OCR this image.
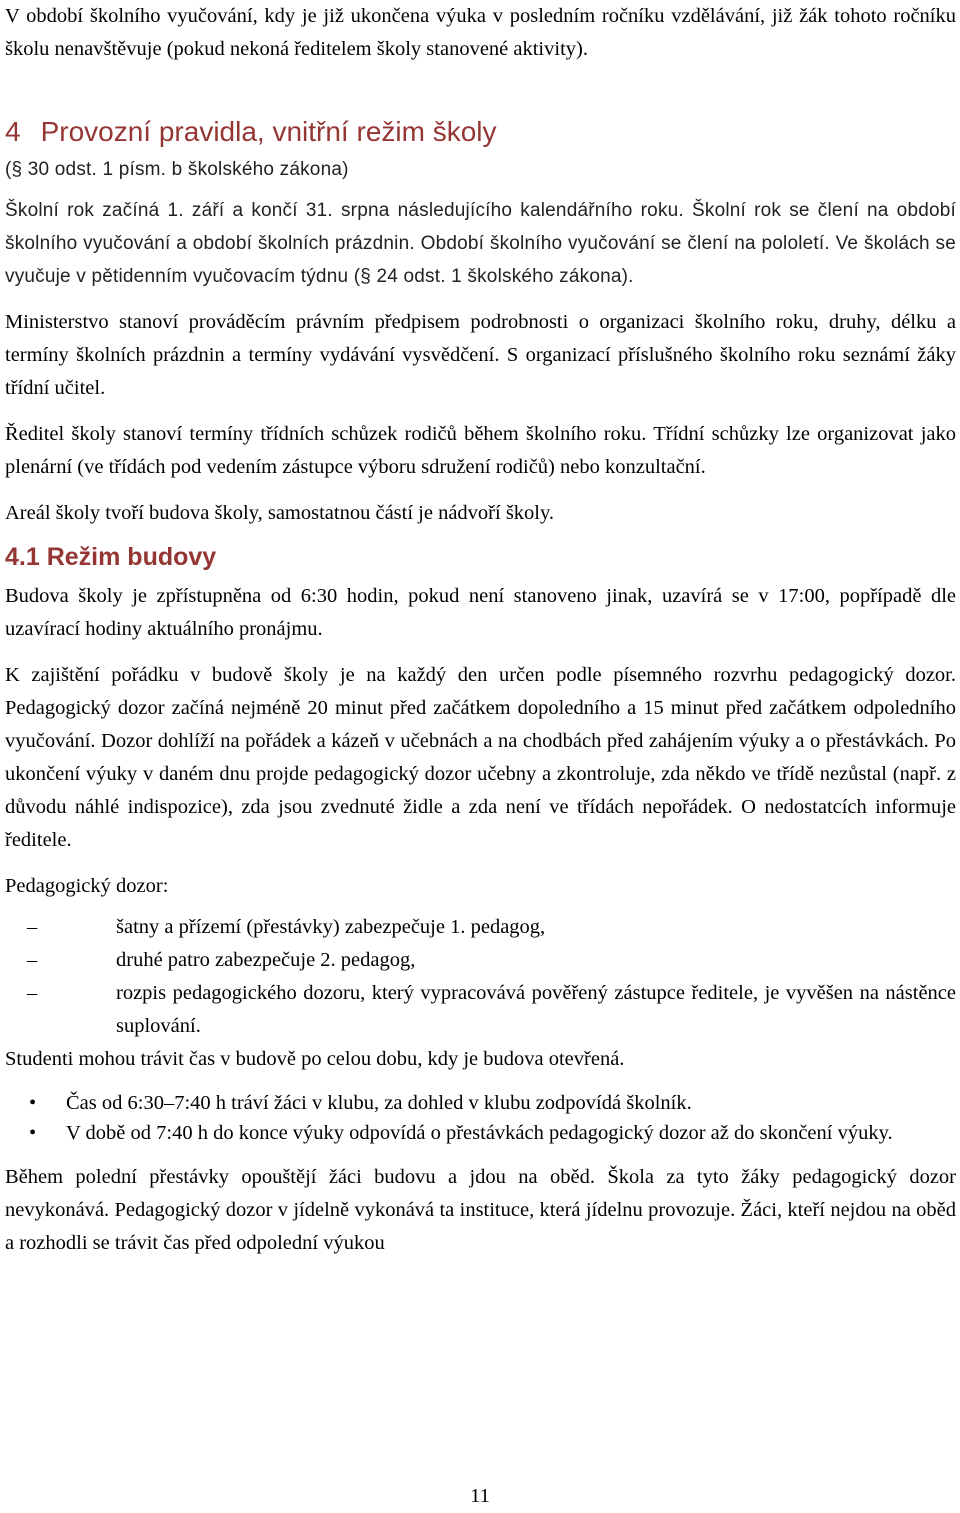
V období školního vyučování, kdy je již ukončena výuka v posledním ročníku vzdělávání, již žák tohoto ročníku školu nenavštěvuje (pokud nekoná ředitelem školy stanovené aktivity).

4 Provozní pravidla, vnitřní režim školy

(§ 30 odst. 1 písm. b školského zákona)

Školní rok začíná 1. září a končí 31. srpna následujícího kalendářního roku. Školní rok se člení na období školního vyučování a období školních prázdnin. Období školního vyučování se člení na pololetí. Ve školách se vyučuje v pětidenním vyučovacím týdnu (§ 24 odst. 1 školského zákona).

Ministerstvo stanoví prováděcím právním předpisem podrobnosti o organizaci školního roku, druhy, délku a termíny školních prázdnin a termíny vydávání vysvědčení. S organizací příslušného školního roku seznámí žáky třídní učitel.

Ředitel školy stanoví termíny třídních schůzek rodičů během školního roku. Třídní schůzky lze organizovat jako plenární (ve třídách pod vedením zástupce výboru sdružení rodičů) nebo konzultační.

Areál školy tvoří budova školy, samostatnou částí je nádvoří školy.

4.1 Režim budovy

Budova školy je zpřístupněna od 6:30 hodin, pokud není stanoveno jinak, uzavírá se v 17:00, popřípadě dle uzavírací hodiny aktuálního pronájmu.

K zajištění pořádku v budově školy je na každý den určen podle písemného rozvrhu pedagogický dozor. Pedagogický dozor začíná nejméně 20 minut před začátkem dopoledního a 15 minut před začátkem odpoledního vyučování. Dozor dohlíží na pořádek a kázeň v učebnách a na chodbách před zahájením výuky a o přestávkách. Po ukončení výuky v daném dnu projde pedagogický dozor učebny a zkontroluje, zda někdo ve třídě nezůstal (např. z důvodu náhlé indispozice), zda jsou zvednuté židle a zda není ve třídách nepořádek. O nedostatcích informuje ředitele.

Pedagogický dozor:

–	šatny a přízemí (přestávky) zabezpečuje 1. pedagog,
–	druhé patro zabezpečuje 2. pedagog,
–	rozpis pedagogického dozoru, který vypracovává pověřený zástupce ředitele, je vyvěšen na nástěnce suplování.

Studenti mohou trávit čas v budově po celou dobu, kdy je budova otevřená.

• Čas od 6:30–7:40 h tráví žáci v klubu, za dohled v klubu zodpovídá školník.
• V době od 7:40 h do konce výuky odpovídá o přestávkách pedagogický dozor až do skončení výuky.

Během polední přestávky opouštějí žáci budovu a jdou na oběd. Škola za tyto žáky pedagogický dozor nevykonává. Pedagogický dozor v jídelně vykonává ta instituce, která jídelnu provozuje. Žáci, kteří nejdou na oběd a rozhodli se trávit čas před odpolední výukou

11
